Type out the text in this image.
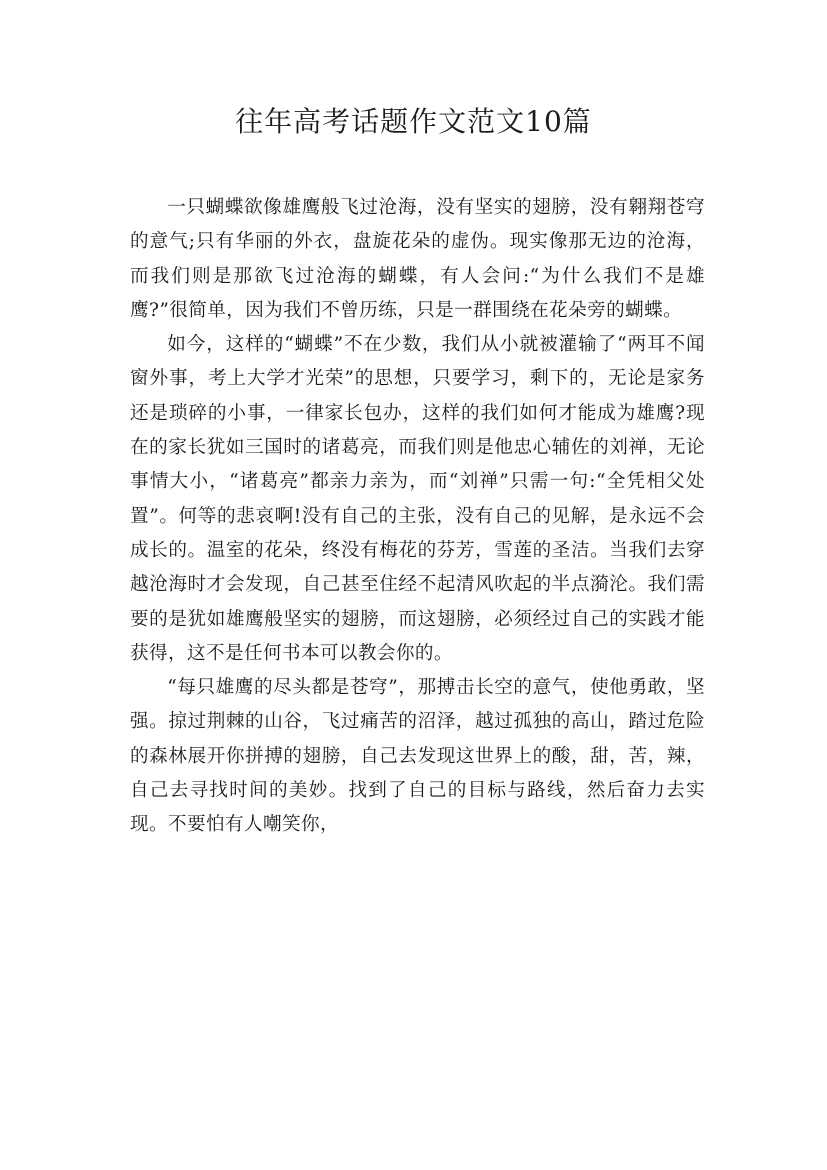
往年高考话题作文范文10篇

一只蝴蝶欲像雄鹰般飞过沧海，没有坚实的翅膀，没有翱翔苍穹的意气;只有华丽的外衣，盘旋花朵的虚伪。现实像那无边的沧海，而我们则是那欲飞过沧海的蝴蝶，有人会问:“为什么我们不是雄鹰?”很简单，因为我们不曾历练，只是一群围绕在花朵旁的蝴蝶。

如今，这样的“蝴蝶”不在少数，我们从小就被灌输了“两耳不闻窗外事，考上大学才光荣”的思想，只要学习，剩下的，无论是家务还是琐碎的小事，一律家长包办，这样的我们如何才能成为雄鹰?现在的家长犹如三国时的诸葛亮，而我们则是他忠心辅佐的刘禅，无论事情大小，“诸葛亮”都亲力亲为，而“刘禅”只需一句:“全凭相父处置”。何等的悲哀啊!没有自己的主张，没有自己的见解，是永远不会成长的。温室的花朵，终没有梅花的芬芳，雪莲的圣洁。当我们去穿越沧海时才会发现，自己甚至住经不起清风吹起的半点漪沦。我们需要的是犹如雄鹰般坚实的翅膀，而这翅膀，必须经过自己的实践才能获得，这不是任何书本可以教会你的。

“每只雄鹰的尽头都是苍穹”，那搏击长空的意气，使他勇敢，坚强。掠过荆棘的山谷，飞过痛苦的沼泽，越过孤独的高山，踏过危险的森林展开你拼搏的翅膀，自己去发现这世界上的酸，甜，苦，辣，自己去寻找时间的美妙。找到了自己的目标与路线，然后奋力去实现。不要怕有人嘲笑你，
